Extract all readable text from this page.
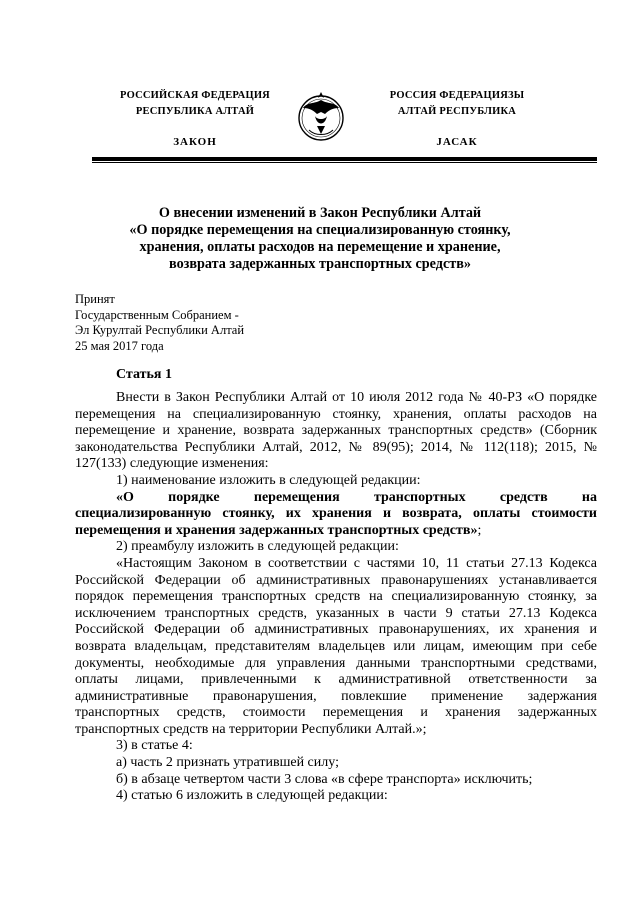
РОССИЙСКАЯ ФЕДЕРАЦИЯ
РЕСПУБЛИКА АЛТАЙ
ЗАКОН
РОССИЯ ФЕДЕРАЦИЯЗЫ
АЛТАЙ РЕСПУБЛИКА
JАСАК
О внесении изменений в Закон Республики Алтай
«О порядке перемещения на специализированную стоянку,
хранения, оплаты расходов на перемещение и хранение,
возврата задержанных транспортных средств»
Принят
Государственным Собранием -
Эл Курултай Республики Алтай
25 мая 2017 года
Статья 1

Внести в Закон Республики Алтай от 10 июля 2012 года № 40-РЗ «О порядке перемещения на специализированную стоянку, хранения, оплаты расходов на перемещение и хранение, возврата задержанных транспортных средств» (Сборник законодательства Республики Алтай, 2012, № 89(95); 2014, № 112(118); 2015, № 127(133) следующие изменения:

1) наименование изложить в следующей редакции:

«О порядке перемещения транспортных средств на

специализированную стоянку, их хранения и возврата, оплаты стоимости перемещения и хранения задержанных транспортных средств»;

2) преамбулу изложить в следующей редакции:

«Настоящим Законом в соответствии с частями 10, 11 статьи 27.13 Кодекса Российской Федерации об административных правонарушениях устанавливается порядок перемещения транспортных средств на специализированную стоянку, за исключением транспортных средств, указанных в части 9 статьи 27.13 Кодекса Российской Федерации об административных правонарушениях, их хранения и возврата владельцам, представителям владельцев или лицам, имеющим при себе документы, необходимые для управления данными транспортными средствами, оплаты лицами, привлеченными к административной ответственности за административные правонарушения, повлекшие применение задержания транспортных средств, стоимости перемещения и хранения задержанных транспортных средств на территории Республики Алтай.»;

3) в статье 4:

а) часть 2 признать утратившей силу;

б) в абзаце четвертом части 3 слова «в сфере транспорта» исключить;

4) статью 6 изложить в следующей редакции:
